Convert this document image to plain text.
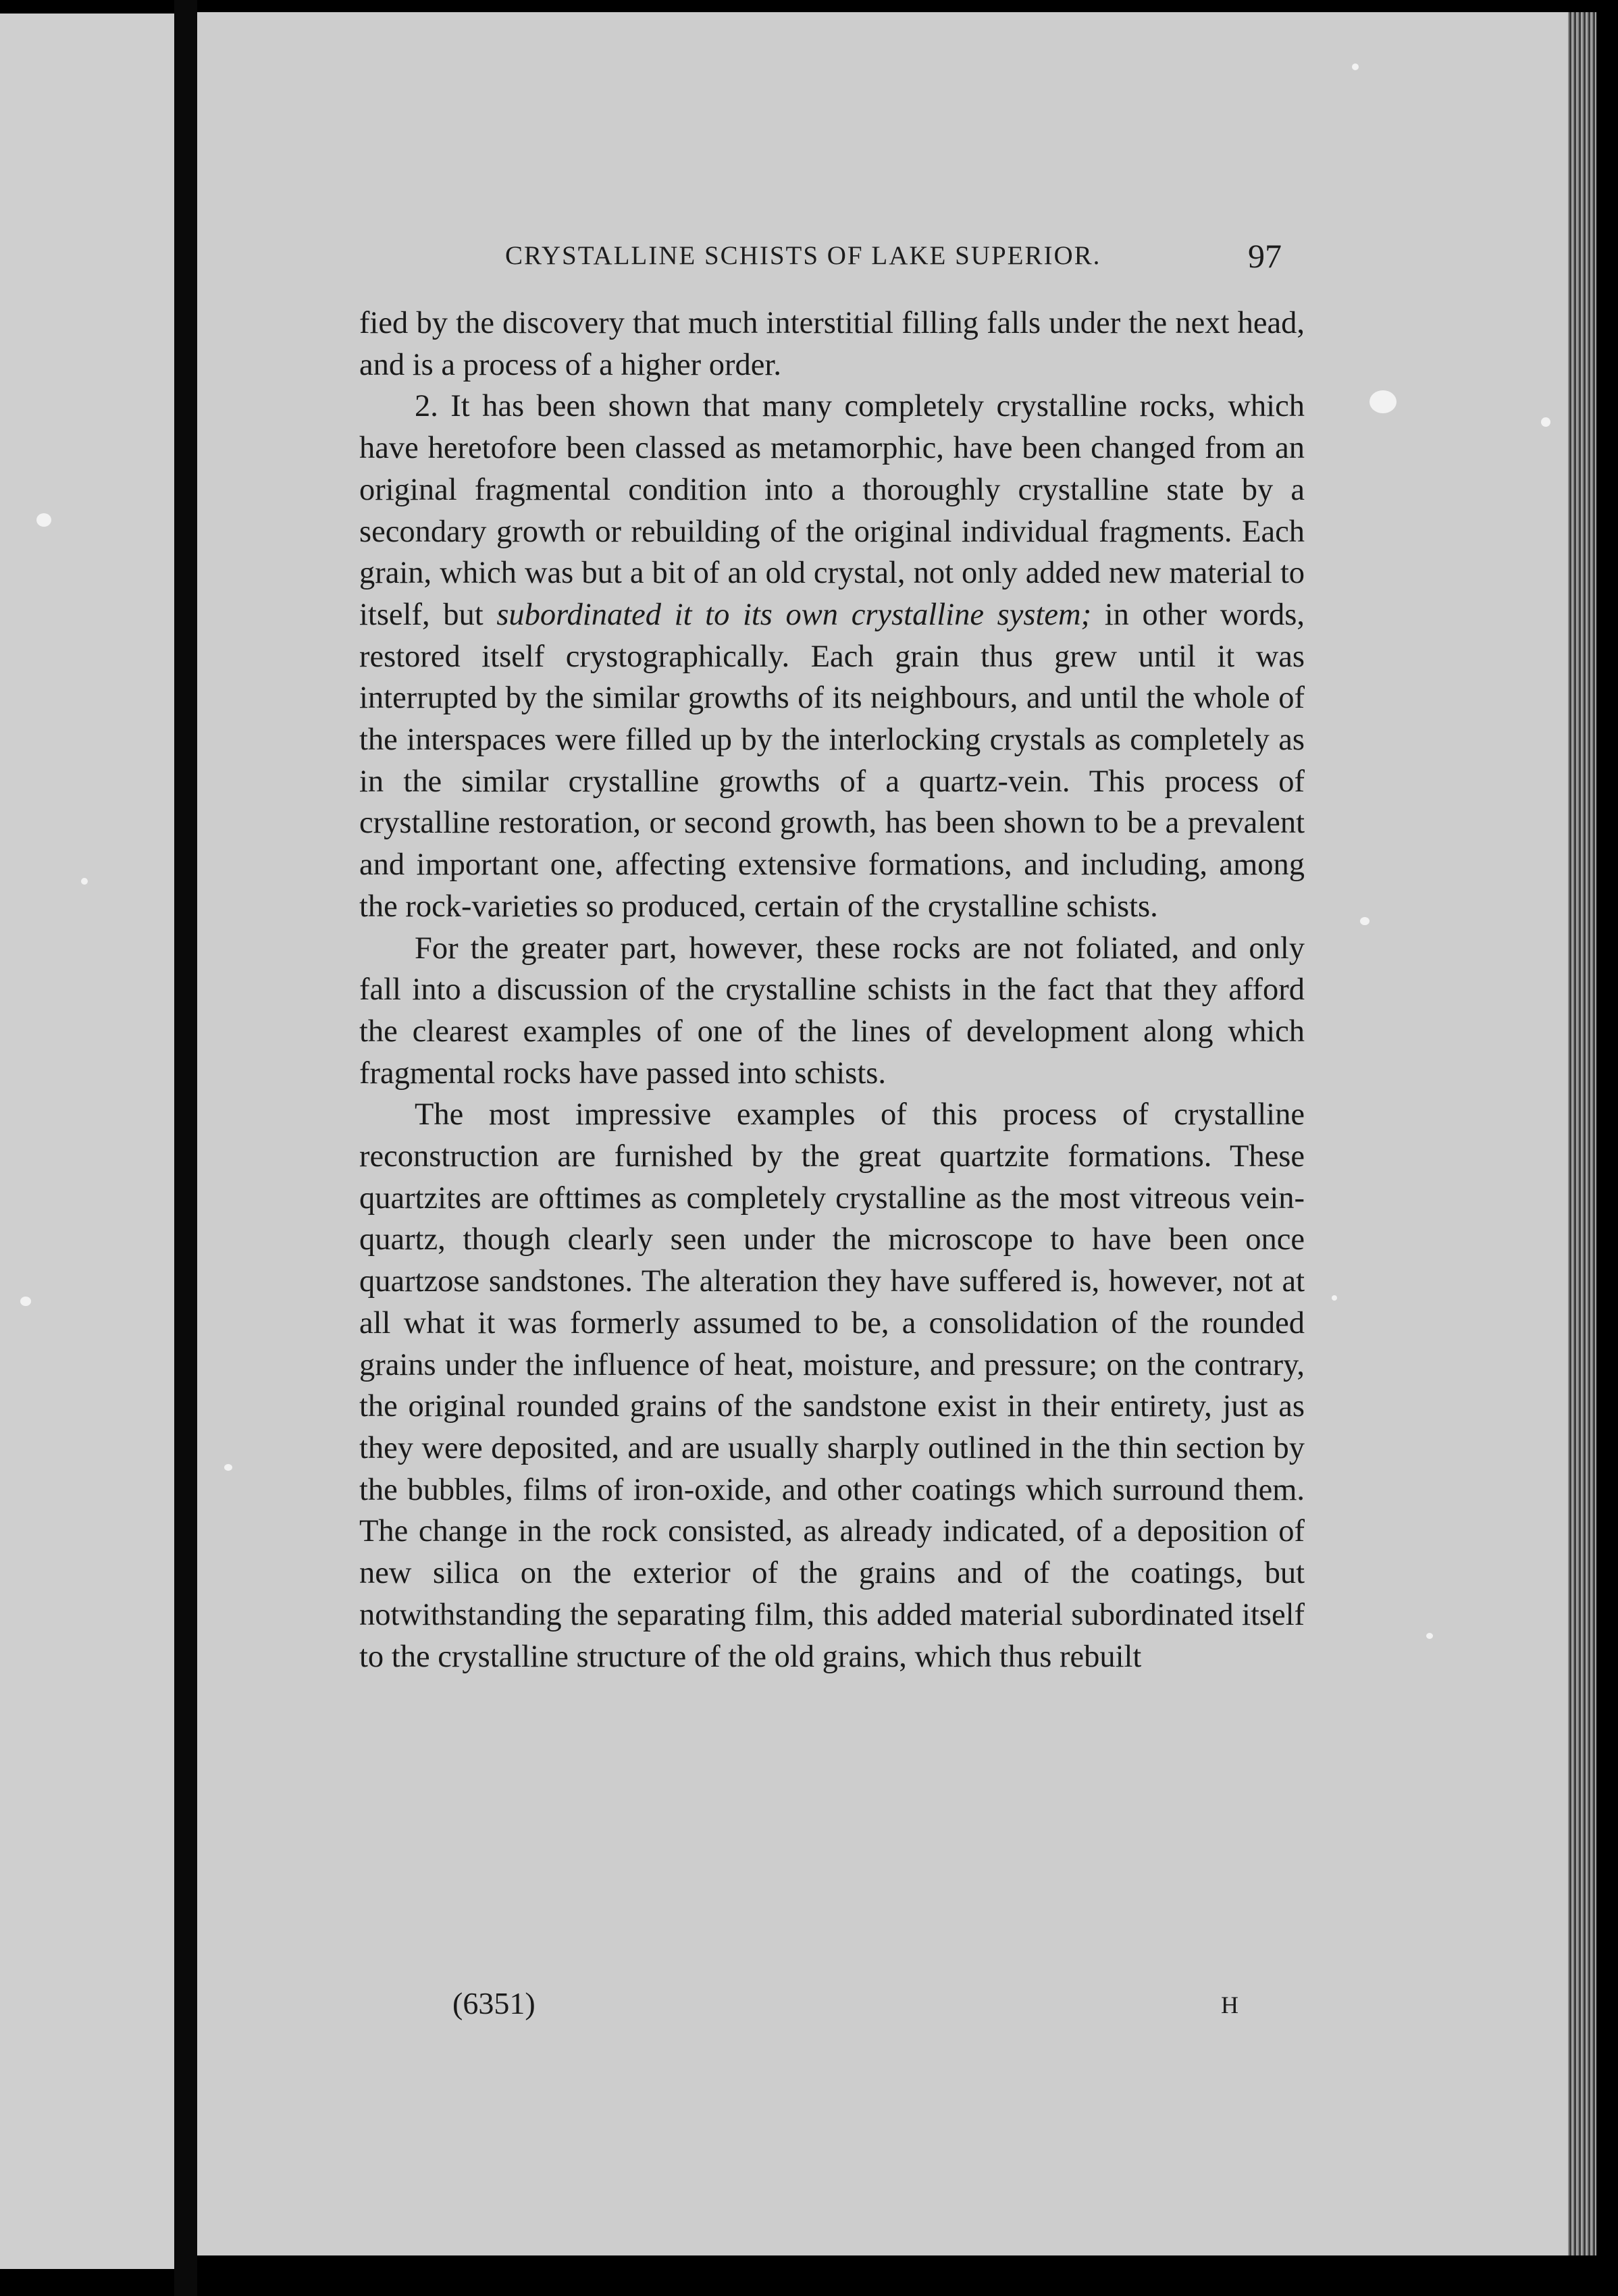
CRYSTALLINE SCHISTS OF LAKE SUPERIOR.	97

fied by the discovery that much interstitial filling falls under the next head, and is a process of a higher order.

2. It has been shown that many completely crystalline rocks, which have heretofore been classed as metamorphic, have been changed from an original fragmental condition into a thoroughly crystalline state by a secondary growth or rebuilding of the original individual fragments. Each grain, which was but a bit of an old crystal, not only added new material to itself, but subordinated it to its own crystalline system; in other words, restored itself crystographically. Each grain thus grew until it was interrupted by the similar growths of its neighbours, and until the whole of the interspaces were filled up by the interlocking crystals as completely as in the similar crystalline growths of a quartz-vein. This process of crystalline restoration, or second growth, has been shown to be a prevalent and important one, affecting extensive formations, and including, among the rock-varieties so produced, certain of the crystalline schists.

For the greater part, however, these rocks are not foliated, and only fall into a discussion of the crystalline schists in the fact that they afford the clearest examples of one of the lines of development along which fragmental rocks have passed into schists.

The most impressive examples of this process of crystalline reconstruction are furnished by the great quartzite formations. These quartzites are ofttimes as completely crystalline as the most vitreous vein-quartz, though clearly seen under the microscope to have been once quartzose sandstones. The alteration they have suffered is, however, not at all what it was formerly assumed to be, a consolidation of the rounded grains under the influence of heat, moisture, and pressure; on the contrary, the original rounded grains of the sandstone exist in their entirety, just as they were deposited, and are usually sharply outlined in the thin section by the bubbles, films of iron-oxide, and other coatings which surround them. The change in the rock consisted, as already indicated, of a deposition of new silica on the exterior of the grains and of the coatings, but notwithstanding the separating film, this added material subordinated itself to the crystalline structure of the old grains, which thus rebuilt

(6351)	H
